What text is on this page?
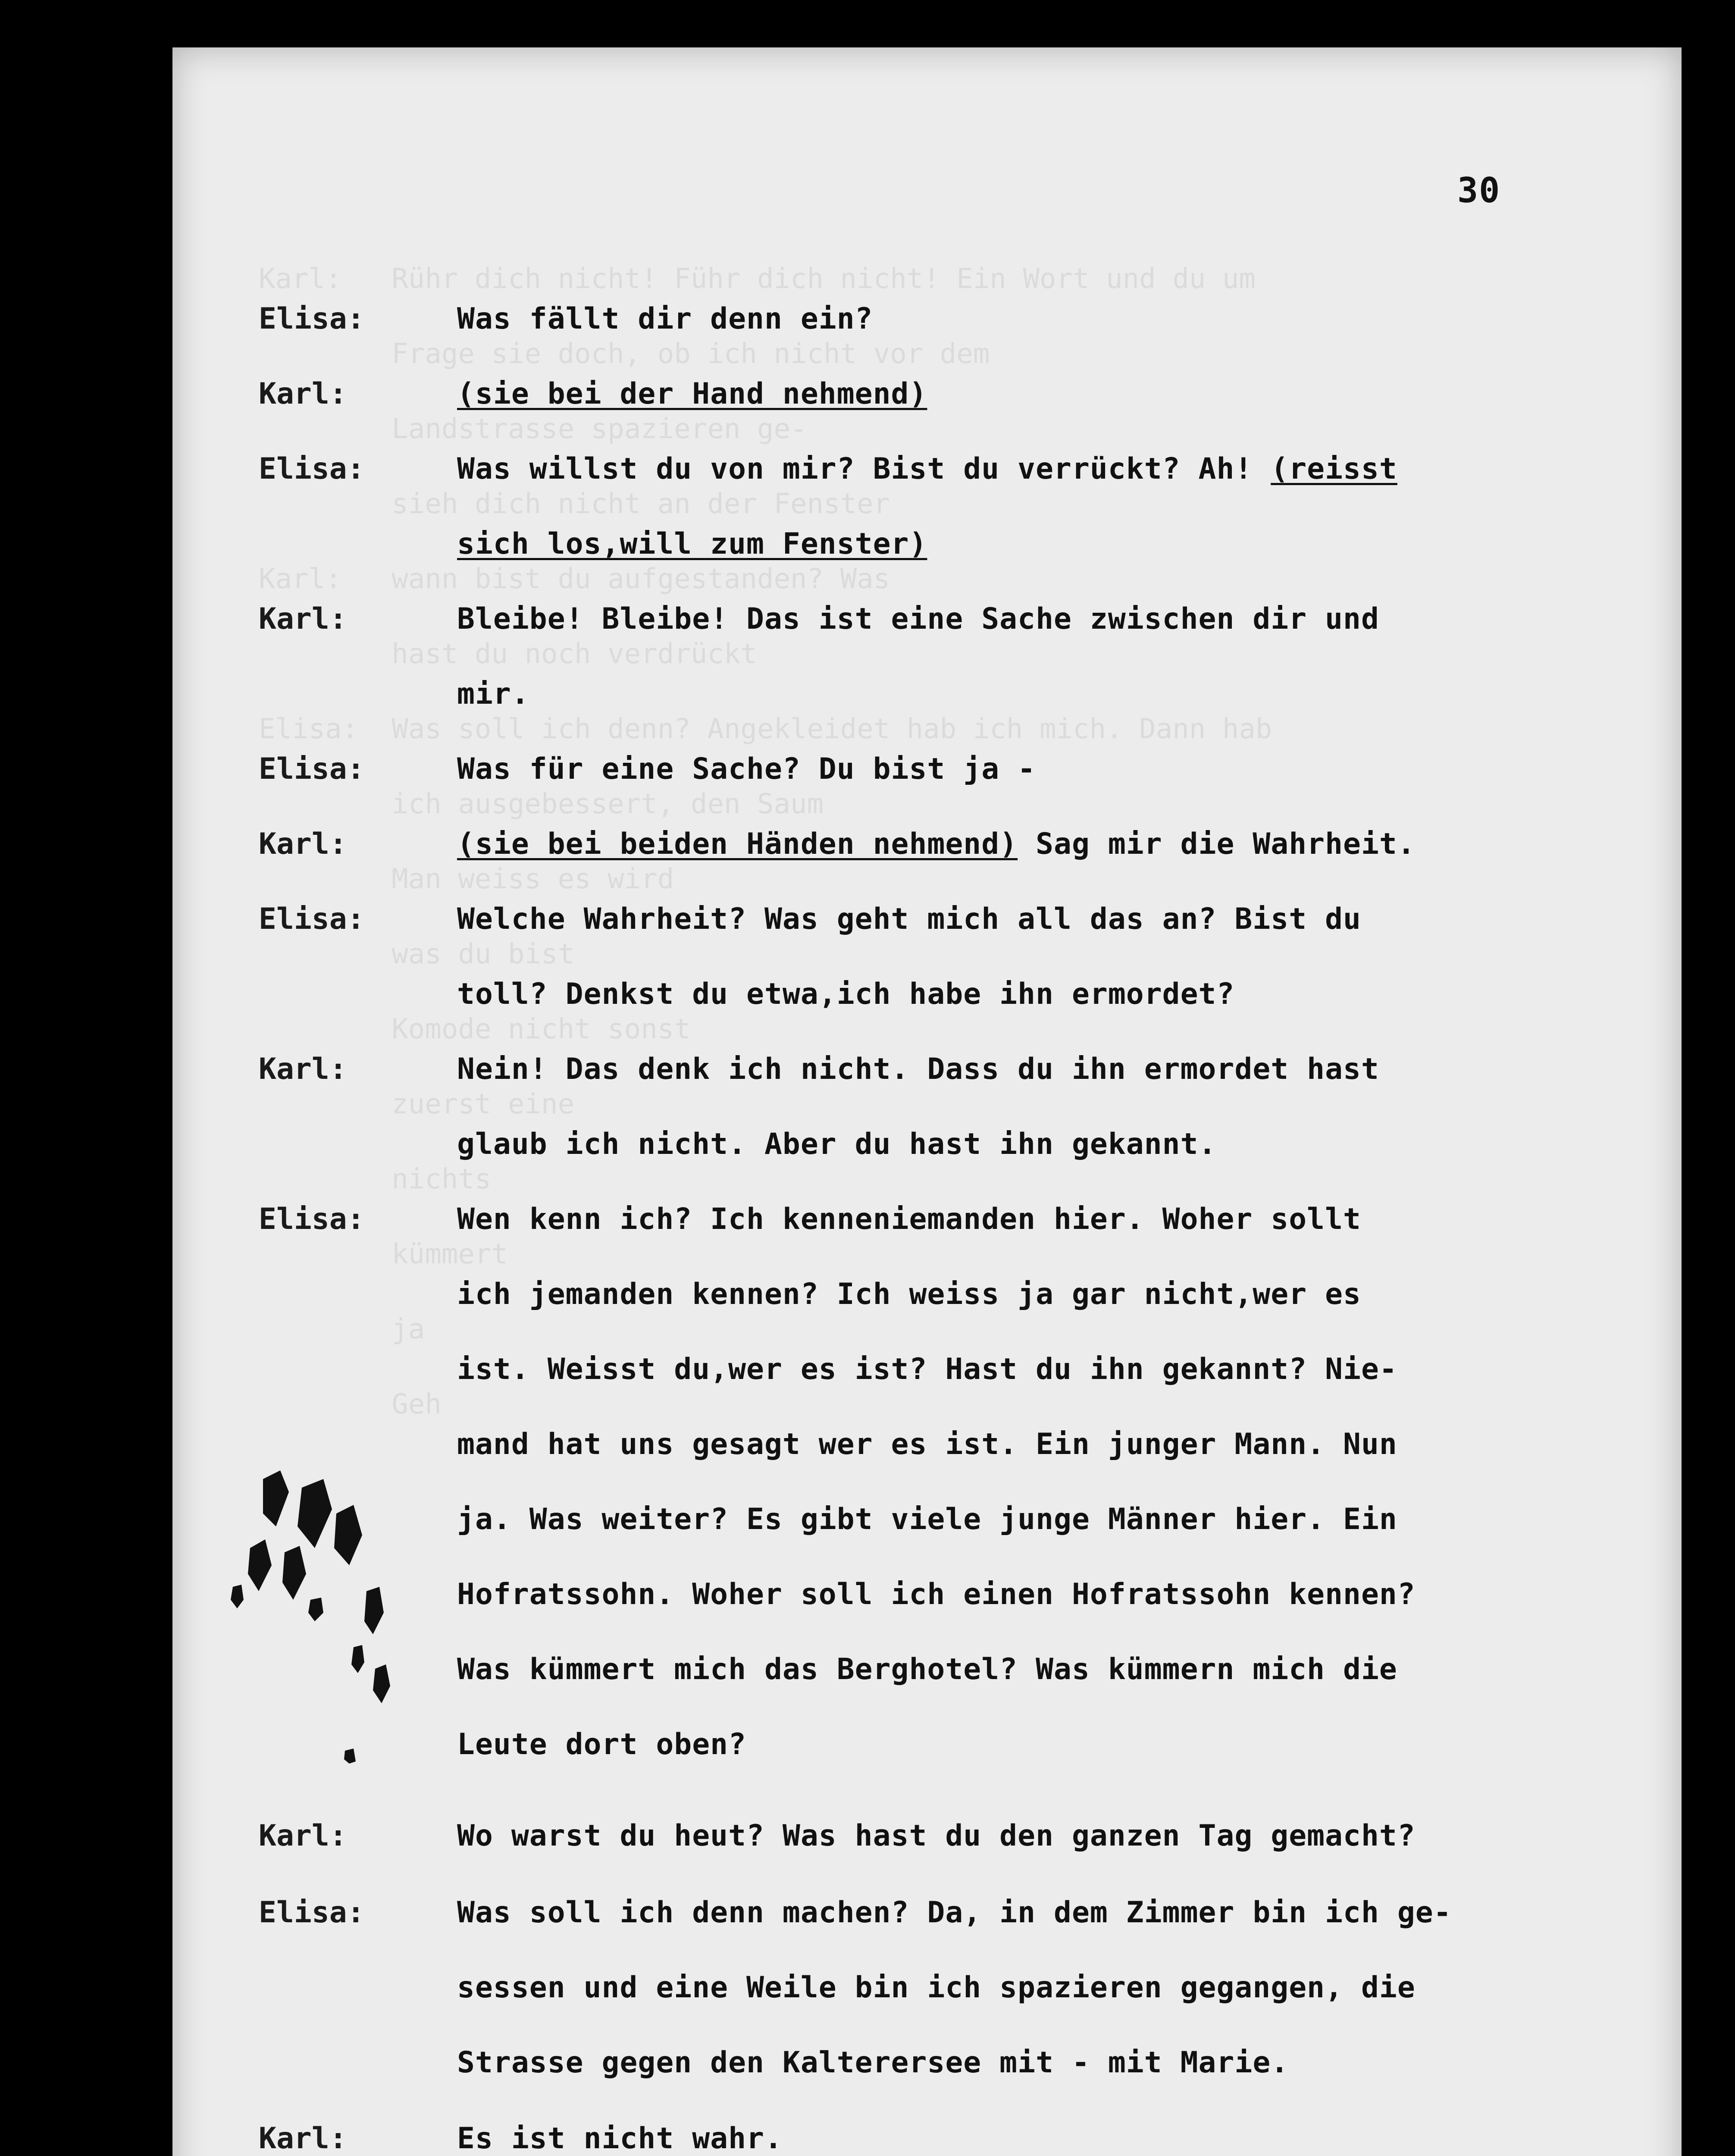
30
Elisa:	Was fällt dir denn ein?
Karl:	(sie bei der Hand nehmend)
Elisa:	Was willst du von mir? Bist du verrückt? Ah! (reisst
sich los,will zum Fenster)
Karl:	Bleibe! Bleibe! Das ist eine Sache zwischen dir und
mir.
Elisa:	Was für eine Sache? Du bist ja -
Karl:	(sie bei beiden Händen nehmend) Sag mir die Wahrheit.
Elisa:	Welche Wahrheit? Was geht mich all das an? Bist du
toll? Denkst du etwa,ich habe ihn ermordet?
Karl:	Nein! Das denk ich nicht. Dass du ihn ermordet hast
glaub ich nicht. Aber du hast ihn gekannt.
Elisa:	Wen kenn ich? Ich kenneniemanden hier. Woher sollt
ich jemanden kennen? Ich weiss ja gar nicht,wer es
ist. Weisst du,wer es ist? Hast du ihn gekannt? Nie-
mand hat uns gesagt wer es ist. Ein junger Mann. Nun
ja. Was weiter? Es gibt viele junge Männer hier. Ein
Hofratssohn. Woher soll ich einen Hofratssohn kennen?
Was kümmert mich das Berghotel? Was kümmern mich die
Leute dort oben?
Karl:	Wo warst du heut? Was hast du den ganzen Tag gemacht?
Elisa:	Was soll ich denn machen? Da, in dem Zimmer bin ich ge-
sessen und eine Weile bin ich spazieren gegangen, die
Strasse gegen den Kalterersee mit - mit Marie.
Karl:	Es ist nicht wahr.
